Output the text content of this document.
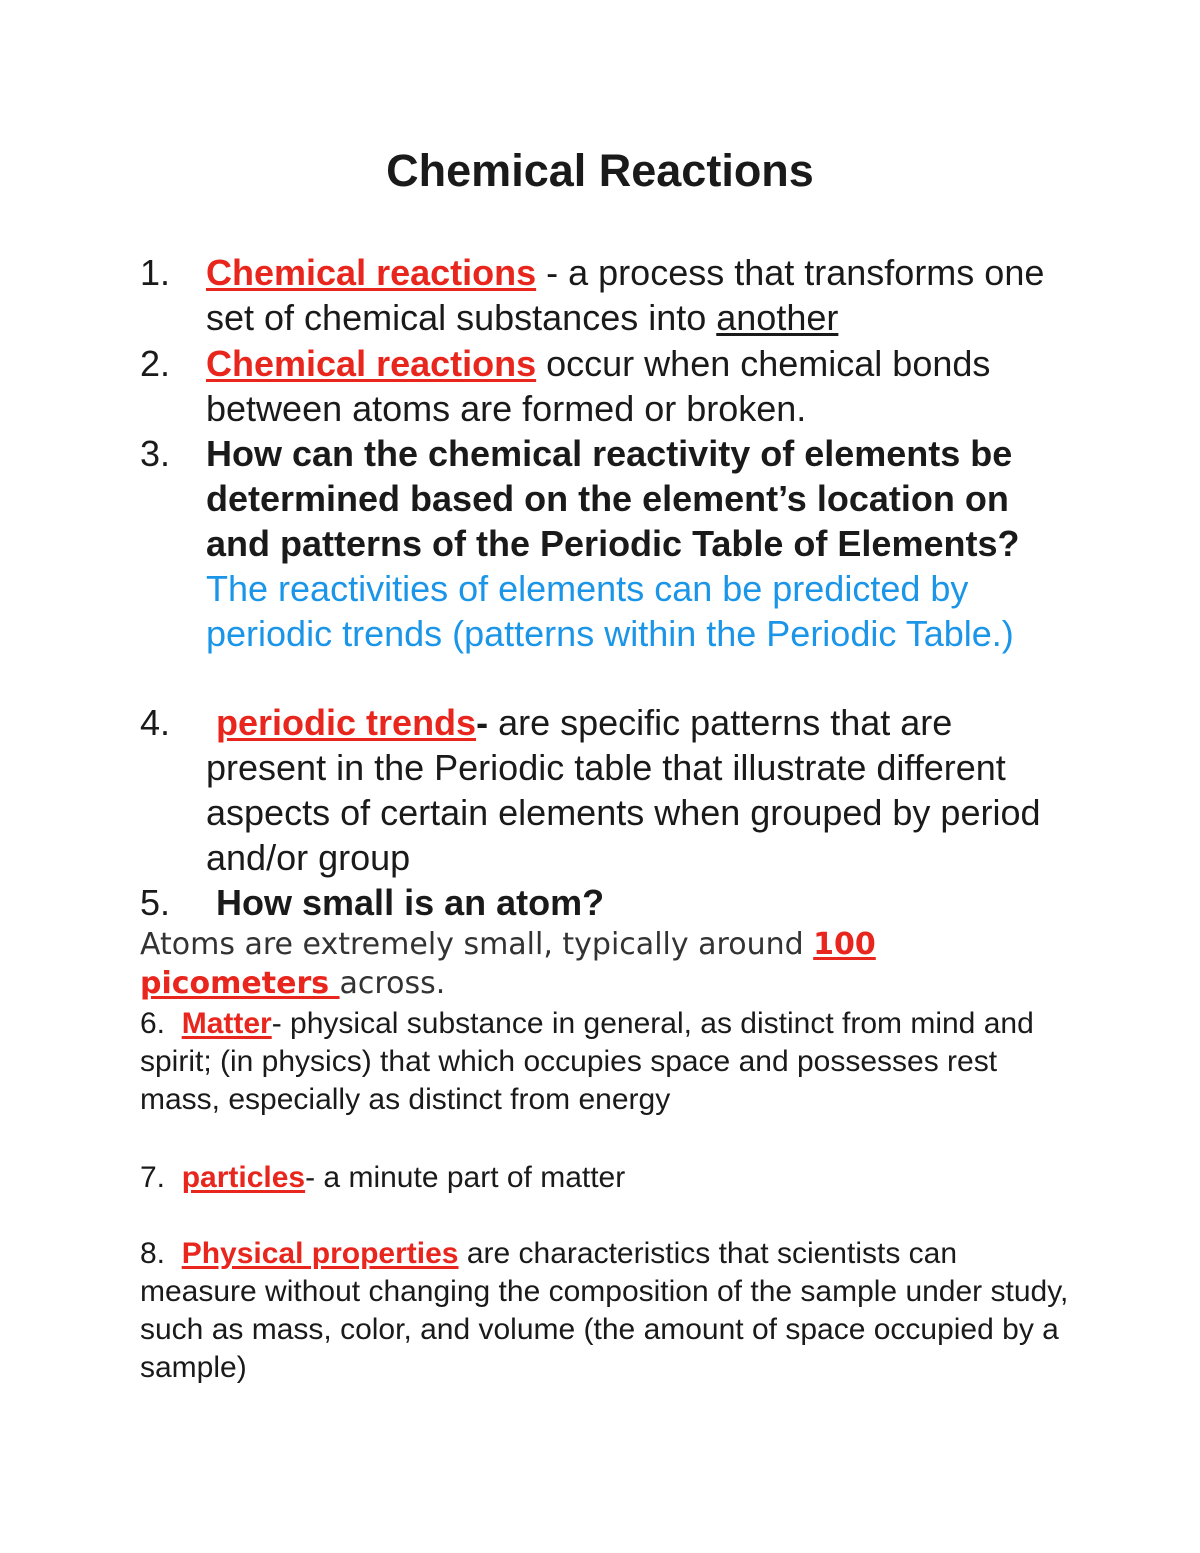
Chemical Reactions
1. Chemical reactions - a process that transforms one set of chemical substances into another
2. Chemical reactions occur when chemical bonds between atoms are formed or broken.
3. How can the chemical reactivity of elements be determined based on the element’s location on and patterns of the Periodic Table of Elements?  The reactivities of elements can be predicted by periodic trends (patterns within the Periodic Table.)
4. periodic trends- are specific patterns that are present in the Periodic table that illustrate different aspects of certain elements when grouped by period and/or group
5. How small is an atom?
Atoms are extremely small, typically around 100 picometers across.
6. Matter- physical substance in general, as distinct from mind and spirit; (in physics) that which occupies space and possesses rest mass, especially as distinct from energy
7. particles- a minute part of matter
8. Physical properties are characteristics that scientists can measure without changing the composition of the sample under study, such as mass, color, and volume (the amount of space occupied by a sample)
